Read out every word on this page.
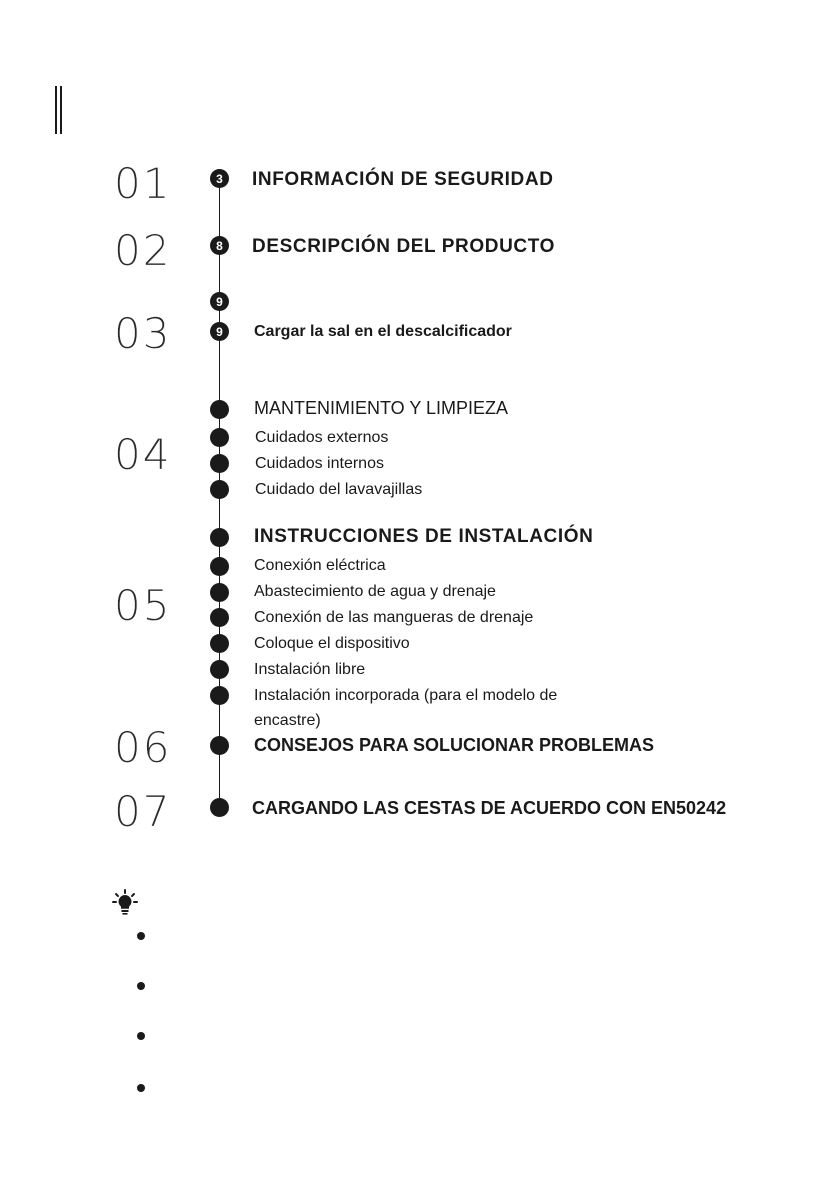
01
02
03
04
05
06
07
3
8
9
9
INFORMACIÓN DE SEGURIDAD
DESCRIPCIÓN DEL PRODUCTO
Cargar la sal en el descalcificador
MANTENIMIENTO Y LIMPIEZA
Cuidados externos
Cuidados internos
Cuidado del lavavajillas
INSTRUCCIONES DE INSTALACIÓN
Conexión eléctrica
Abastecimiento de agua y drenaje
Conexión de las mangueras de drenaje
Coloque el dispositivo
Instalación libre
Instalación incorporada (para el modelo de encastre)
CONSEJOS PARA SOLUCIONAR PROBLEMAS
CARGANDO LAS CESTAS DE ACUERDO CON EN50242
